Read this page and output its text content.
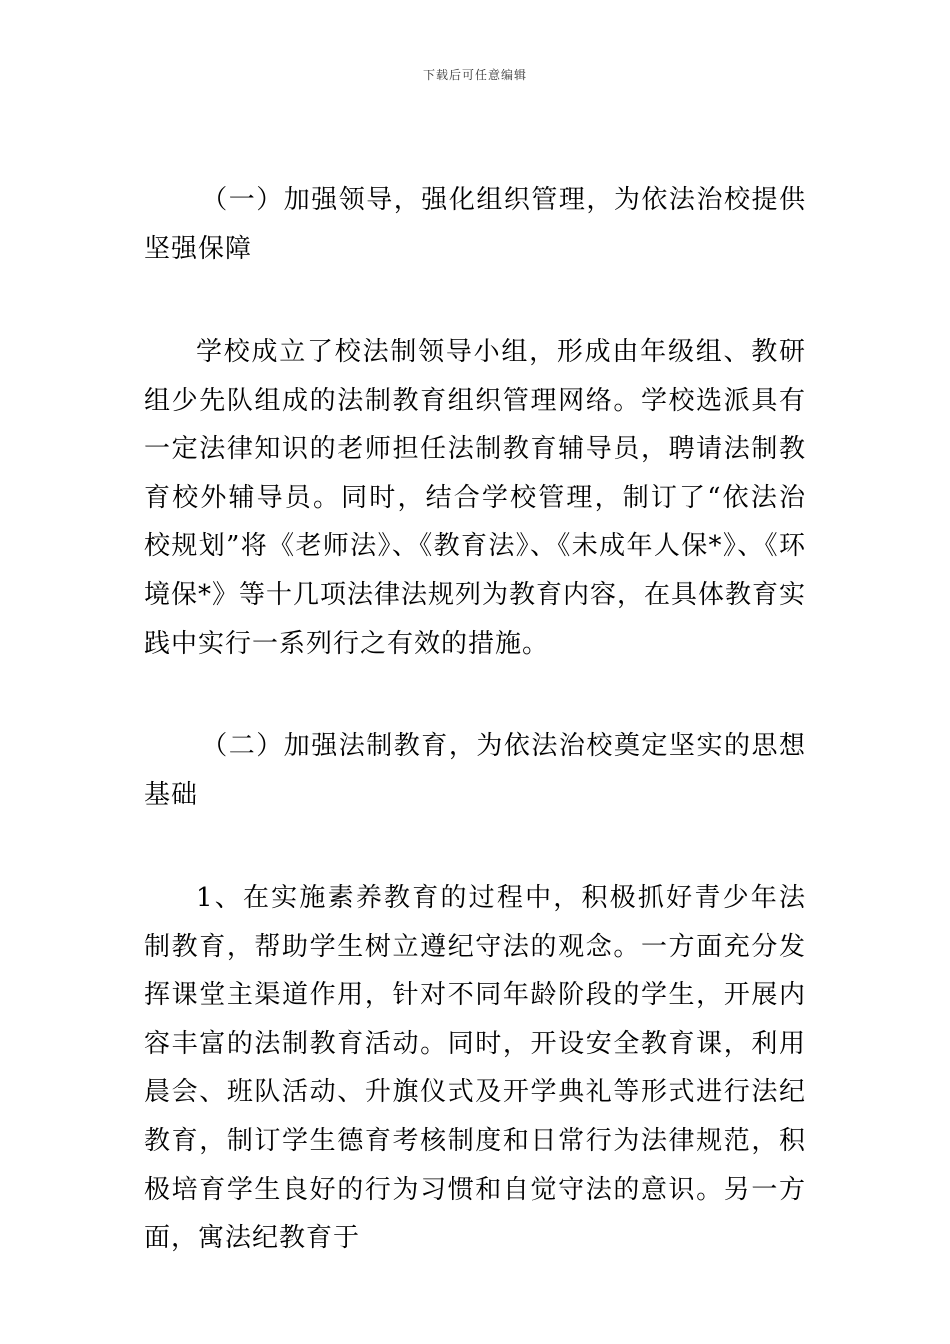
下载后可任意编辑

（一）加强领导，强化组织管理，为依法治校提供坚强保障

学校成立了校法制领导小组，形成由年级组、教研组少先队组成的法制教育组织管理网络。学校选派具有一定法律知识的老师担任法制教育辅导员，聘请法制教育校外辅导员。同时，结合学校管理，制订了“依法治校规划”将《老师法》、《教育法》、《未成年人保*》、《环境保*》等十几项法律法规列为教育内容，在具体教育实践中实行一系列行之有效的措施。

（二）加强法制教育，为依法治校奠定坚实的思想基础

1、在实施素养教育的过程中，积极抓好青少年法制教育，帮助学生树立遵纪守法的观念。一方面充分发挥课堂主渠道作用，针对不同年龄阶段的学生，开展内容丰富的法制教育活动。同时，开设安全教育课，利用晨会、班队活动、升旗仪式及开学典礼等形式进行法纪教育，制订学生德育考核制度和日常行为法律规范，积极培育学生良好的行为习惯和自觉守法的意识。另一方面，寓法纪教育于
